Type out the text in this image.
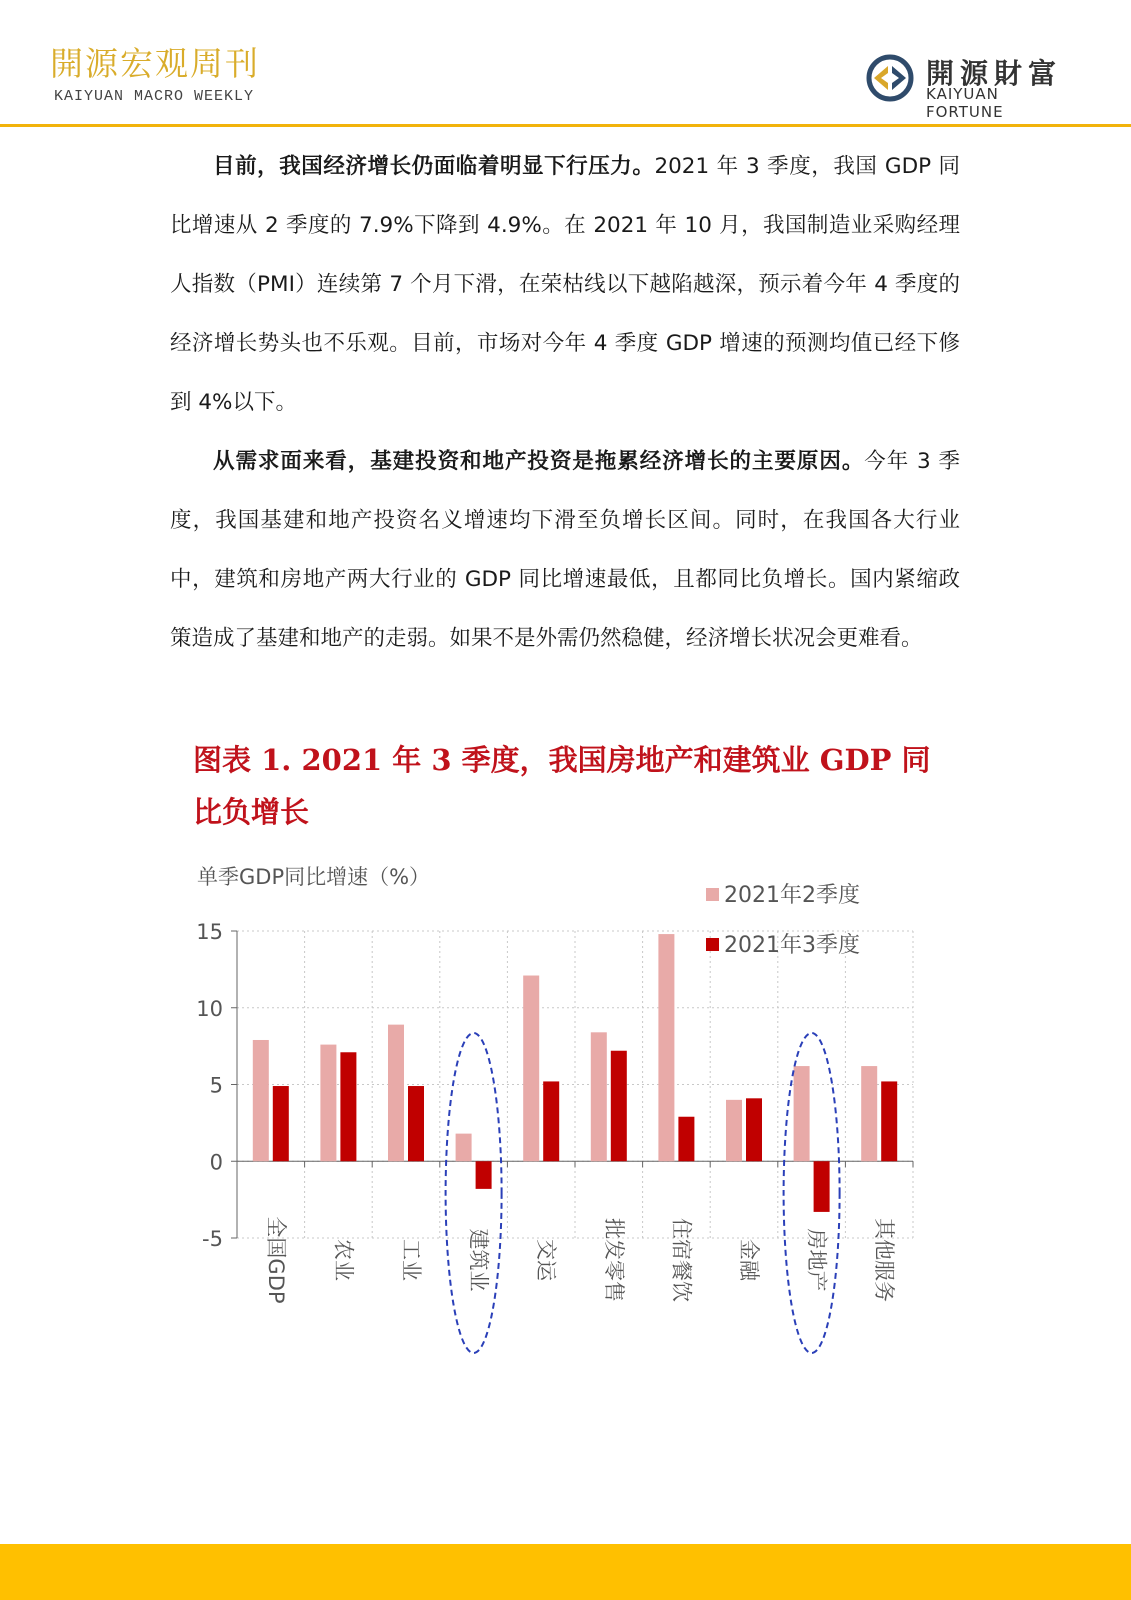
開源宏观周刊
KAIYUAN MACRO WEEKLY
開源財富
KAIYUAN FORTUNE

目前，我国经济增长仍面临着明显下行压力。2021 年 3 季度，我国 GDP 同比增速从 2 季度的 7.9%下降到 4.9%。在 2021 年 10 月，我国制造业采购经理人指数（PMI）连续第 7 个月下滑，在荣枯线以下越陷越深，预示着今年 4 季度的经济增长势头也不乐观。目前，市场对今年 4 季度 GDP 增速的预测均值已经下修到 4%以下。

从需求面来看，基建投资和地产投资是拖累经济增长的主要原因。今年 3 季度，我国基建和地产投资名义增速均下滑至负增长区间。同时，在我国各大行业中，建筑和房地产两大行业的 GDP 同比增速最低，且都同比负增长。国内紧缩政策造成了基建和地产的走弱。如果不是外需仍然稳健，经济增长状况会更难看。

图表 1. 2021 年 3 季度，我国房地产和建筑业 GDP 同比负增长
单季GDP同比增速（%）
15
10
5
0
-5 全国GDP 农业 工业 建筑业 交运 批发零售 住宿餐饮 金融 房地产 其他服务
2021年2季度
2021年3季度
